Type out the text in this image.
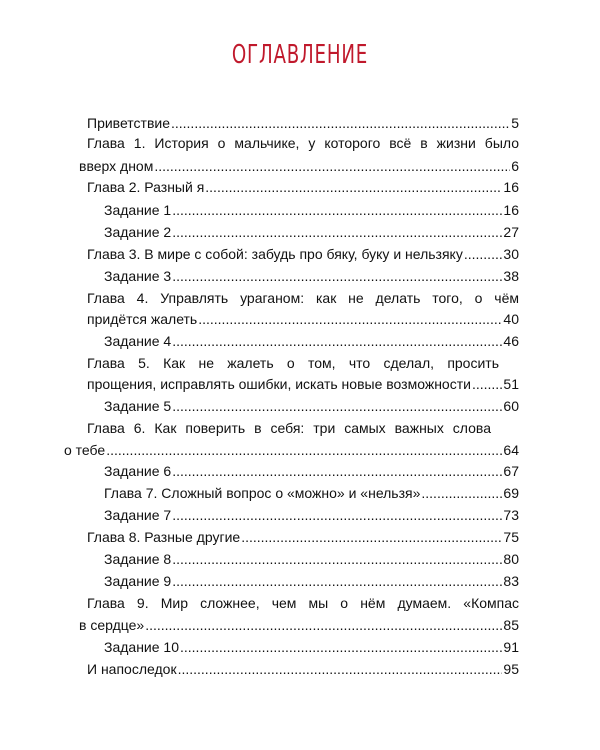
ОГЛАВЛЕНИЕ
Приветствие .....	5
Глава 1. История о мальчике, у которого всё в жизни было
вверх дном .....	6
Глава 2. Разный я .....	16
Задание 1 .....	16
Задание 2 .....	27
Глава 3. В мире с собой: забудь про бяку, буку и нельзяку .....	30
Задание 3 .....	38
Глава 4. Управлять ураганом: как не делать того, о чём
придётся жалеть .....	40
Задание 4 .....	46
Глава 5. Как не жалеть о том, что сделал, просить
прощения, исправлять ошибки, искать новые возможности ..... 51
Задание 5 .....	60
Глава 6. Как поверить в себя: три самых важных слова
о тебе .....	64
Задание 6 .....	67
Глава 7. Сложный вопрос о «можно» и «нельзя» .....	69
Задание 7 .....	73
Глава 8. Разные другие .....	75
Задание 8 .....	80
Задание 9 .....	83
Глава 9. Мир сложнее, чем мы о нём думаем. «Компас
в сердце» .....	85
Задание 10 .....	91
И напоследок .....	95
